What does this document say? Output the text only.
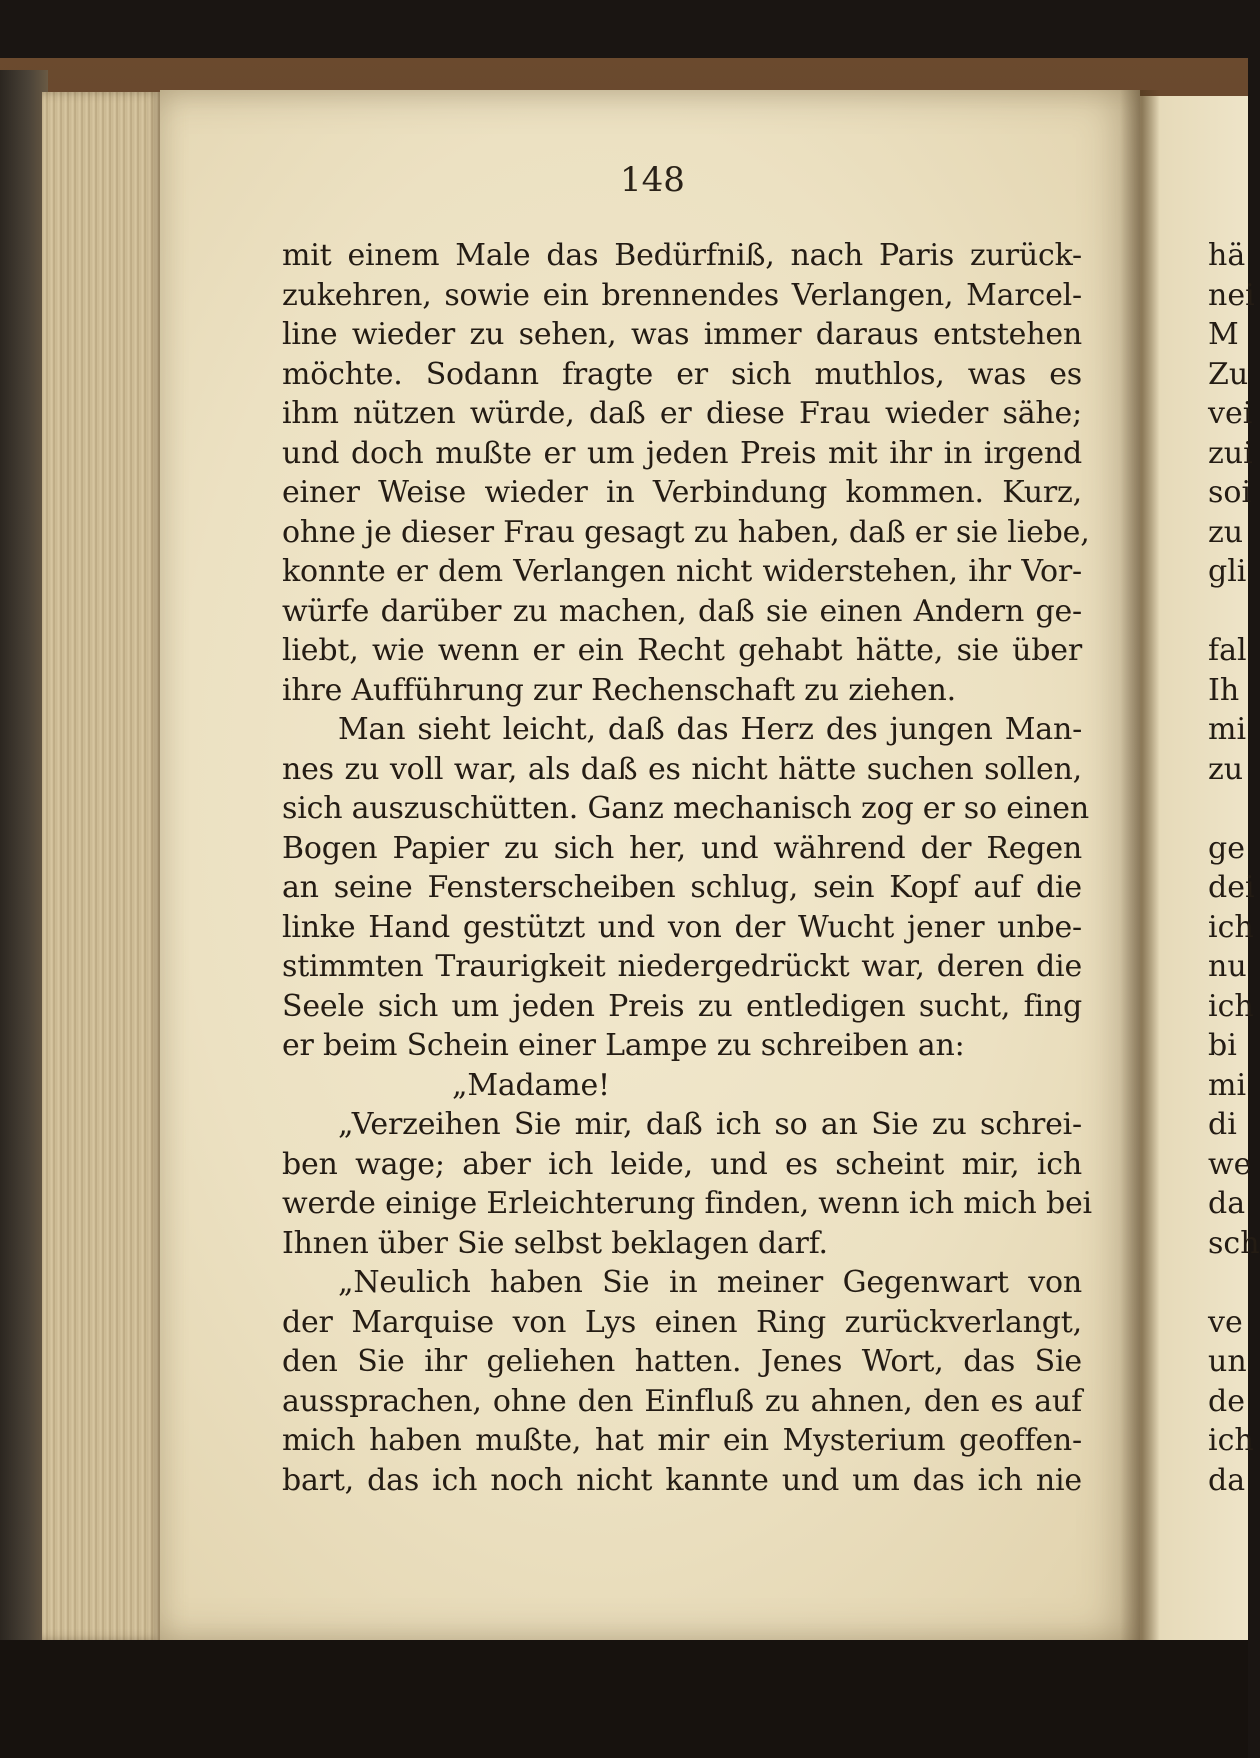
148
mit einem Male das Bedürfniß, nach Paris zurück-
zukehren, sowie ein brennendes Verlangen, Marcel-
line wieder zu sehen, was immer daraus entstehen
möchte. Sodann fragte er sich muthlos, was es
ihm nützen würde, daß er diese Frau wieder sähe;
und doch mußte er um jeden Preis mit ihr in irgend
einer Weise wieder in Verbindung kommen. Kurz,
ohne je dieser Frau gesagt zu haben, daß er sie liebe,
konnte er dem Verlangen nicht widerstehen, ihr Vor-
würfe darüber zu machen, daß sie einen Andern ge-
liebt, wie wenn er ein Recht gehabt hätte, sie über
ihre Aufführung zur Rechenschaft zu ziehen.
Man sieht leicht, daß das Herz des jungen Man-
nes zu voll war, als daß es nicht hätte suchen sollen,
sich auszuschütten. Ganz mechanisch zog er so einen
Bogen Papier zu sich her, und während der Regen
an seine Fensterscheiben schlug, sein Kopf auf die
linke Hand gestützt und von der Wucht jener unbe-
stimmten Traurigkeit niedergedrückt war, deren die
Seele sich um jeden Preis zu entledigen sucht, fing
er beim Schein einer Lampe zu schreiben an:
„Madame!
„Verzeihen Sie mir, daß ich so an Sie zu schrei-
ben wage; aber ich leide, und es scheint mir, ich
werde einige Erleichterung finden, wenn ich mich bei
Ihnen über Sie selbst beklagen darf.
„Neulich haben Sie in meiner Gegenwart von
der Marquise von Lys einen Ring zurückverlangt,
den Sie ihr geliehen hatten. Jenes Wort, das Sie
aussprachen, ohne den Einfluß zu ahnen, den es auf
mich haben mußte, hat mir ein Mysterium geoffen-
bart, das ich noch nicht kannte und um das ich nie
hä
nei
M
Zu
vei
zui
soi
zu
gli
fal
Ih
mi
zu
ge
dei
ich
nu
ich
bi
mi
di
we
da
sch
ve
un
de
ich
da
